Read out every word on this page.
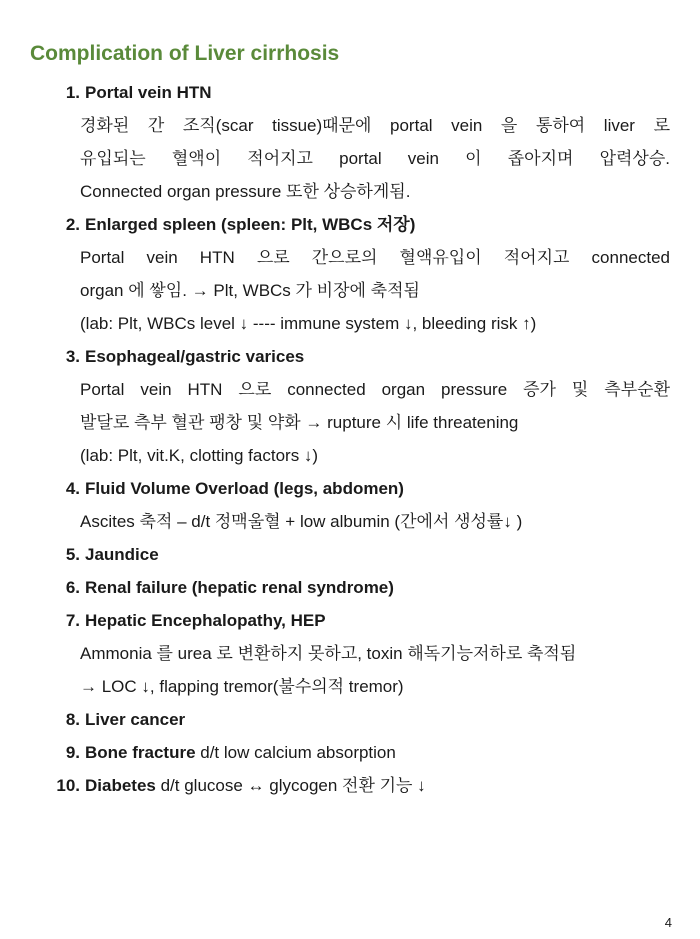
Complication of Liver cirrhosis
1. Portal vein HTN
경화된 간 조직(scar tissue)때문에 portal vein 을 통하여 liver 로
유입되는 혈액이 적어지고 portal vein 이 좁아지며 압력상승.
Connected organ pressure 또한 상승하게됨.
2. Enlarged spleen (spleen: Plt, WBCs 저장)
Portal vein HTN 으로 간으로의 혈액유입이 적어지고 connected
organ 에 쌓임. → Plt, WBCs 가 비장에 축적됨
(lab: Plt, WBCs level ↓ ---- immune system ↓, bleeding risk ↑)
3. Esophageal/gastric varices
Portal vein HTN 으로 connected organ pressure 증가 및 측부순환
발달로 측부 혈관 팽창 및 약화 → rupture 시 life threatening
(lab: Plt, vit.K, clotting factors ↓)
4. Fluid Volume Overload (legs, abdomen)
Ascites 축적 – d/t 정맥울혈 + low albumin (간에서 생성률↓ )
5. Jaundice
6. Renal failure (hepatic renal syndrome)
7. Hepatic Encephalopathy, HEP
Ammonia 를 urea 로 변환하지 못하고, toxin 해독기능저하로 축적됨
→ LOC ↓, flapping tremor(불수의적 tremor)
8. Liver cancer
9. Bone fracture d/t low calcium absorption
10. Diabetes d/t glucose ↔ glycogen 전환 기능 ↓
4
